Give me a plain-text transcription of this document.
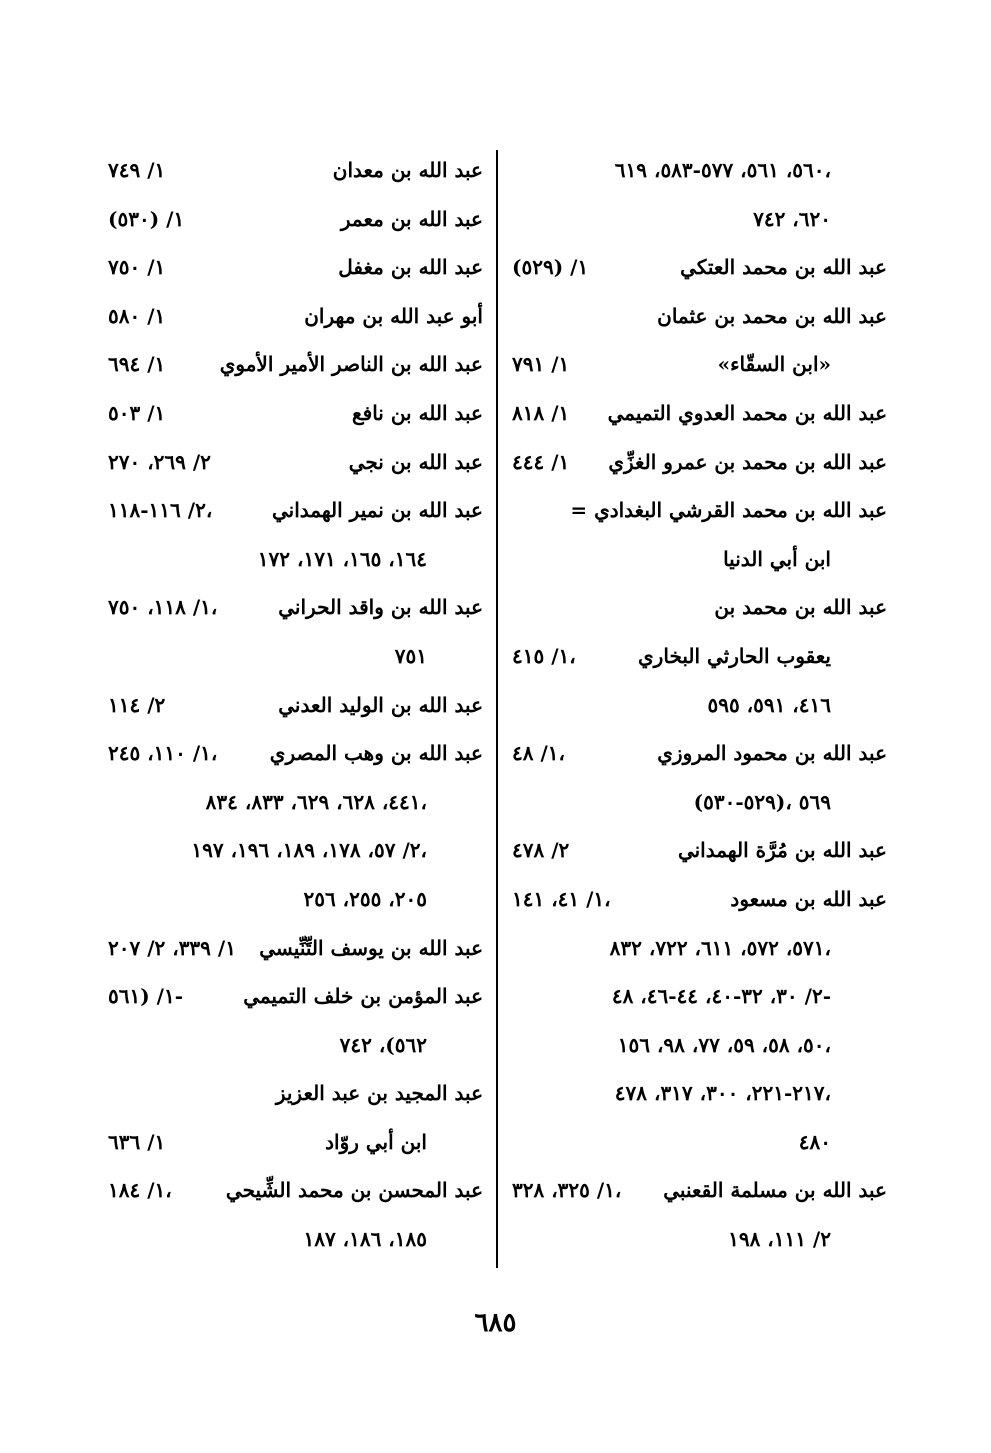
٥٦٠، ٥٦١، ٥٧٧-٥٨٣، ٦١٩،
٦٢٠، ٧٤٢
عبد الله بن محمد العتكي
١/ (٥٢٩)
عبد الله بن محمد بن عثمان
«ابن السقّاء»
١/ ٧٩١
عبد الله بن محمد العدوي التميمي
١/ ٨١٨
عبد الله بن محمد بن عمرو الغزِّي
١/ ٤٤٤
عبد الله بن محمد القرشي البغدادي =
ابن أبي الدنيا
عبد الله بن محمد بن
يعقوب الحارثي البخاري
١/ ٤١٥،
٤١٦، ٥٩١، ٥٩٥
عبد الله بن محمود المروزي
١/ ٤٨،
(٥٢٩-٥٣٠)، ٥٦٩
عبد الله بن مُرَّة الهمداني
٢/ ٤٧٨
عبد الله بن مسعود
١/ ٤١، ١٤١،
٥٧١، ٥٧٢، ٦١١، ٧٢٢، ٨٣٢،
٢/ ٣٠، ٣٢-٤٠، ٤٤-٤٦، ٤٨-
٥٠، ٥٨، ٥٩، ٧٧، ٩٨، ١٥٦،
٢١٧-٢٢١، ٣٠٠، ٣١٧، ٤٧٨،
٤٨٠
عبد الله بن مسلمة القعنبي
١/ ٣٢٥، ٣٢٨،
٢/ ١١١، ١٩٨
عبد الله بن معدان
١/ ٧٤٩
عبد الله بن معمر
١/ (٥٣٠)
عبد الله بن مغفل
١/ ٧٥٠
أبو عبد الله بن مهران
١/ ٥٨٠
عبد الله بن الناصر الأمير الأموي
١/ ٦٩٤
عبد الله بن نافع
١/ ٥٠٣
عبد الله بن نجي
٢/ ٢٦٩، ٢٧٠
عبد الله بن نمير الهمداني
٢/ ١١٦-١١٨،
١٦٤، ١٦٥، ١٧١، ١٧٢
عبد الله بن واقد الحراني
١/ ١١٨، ٧٥٠،
٧٥١
عبد الله بن الوليد العدني
٢/ ١١٤
عبد الله بن وهب المصري
١/ ١١٠، ٢٤٥،
٤٤١، ٦٢٨، ٦٢٩، ٨٣٣، ٨٣٤،
٢/ ٥٧، ١٧٨، ١٨٩، ١٩٦، ١٩٧،
٢٠٥، ٢٥٥، ٢٥٦
عبد الله بن يوسف التِّنِّيسي
١/ ٣٣٩، ٢/ ٢٠٧
عبد المؤمن بن خلف التميمي
١/ (٥٦١-
٥٦٢)، ٧٤٢
عبد المجيد بن عبد العزيز
ابن أبي روّاد
١/ ٦٣٦
عبد المحسن بن محمد الشِّيحي
١/ ١٨٤،
١٨٥، ١٨٦، ١٨٧
٦٨٥
